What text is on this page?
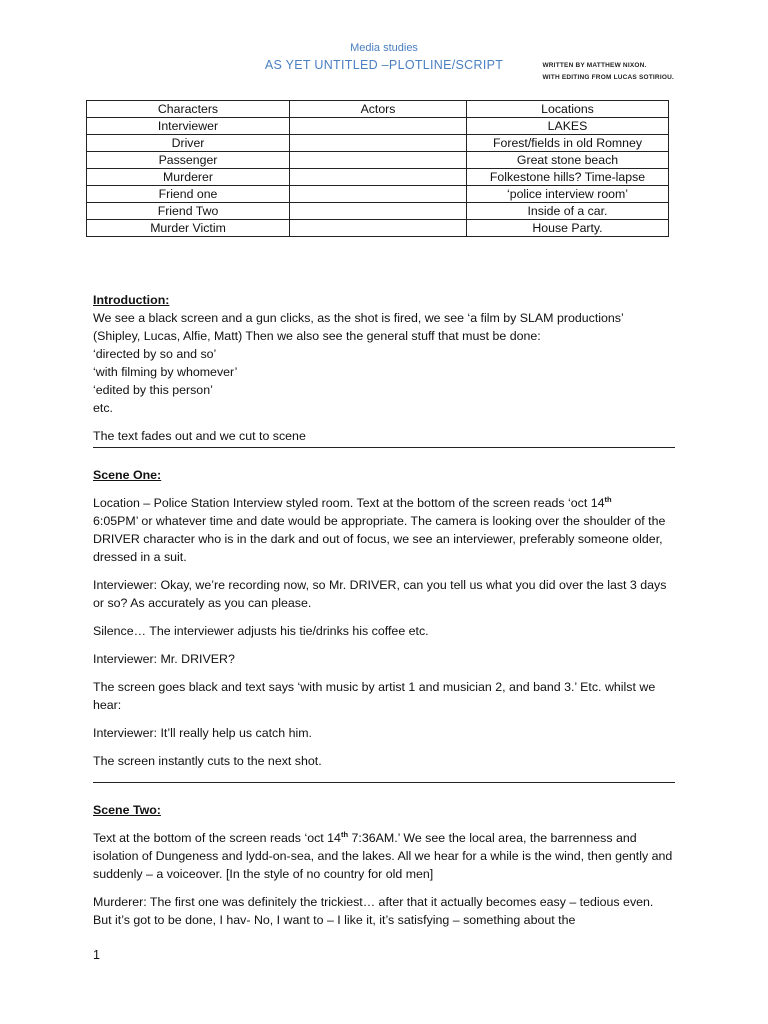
Media studies
AS YET UNTITLED –PLOTLINE/SCRIPT	WRITTEN BY MATTHEW NIXON.
WITH EDITING FROM LUCAS SOTIRIOU.
Characters	Actors	Locations
Interviewer		LAKES
Driver		Forest/fields in old Romney
Passenger		Great stone beach
Murderer		Folkestone hills? Time-lapse
Friend one		‘police interview room’
Friend Two		Inside of a car.
Murder Victim		House Party.
Introduction:

We see a black screen and a gun clicks, as the shot is fired, we see ‘a film by SLAM productions’

(Shipley, Lucas, Alfie, Matt) Then we also see the general stuff that must be done:

‘directed by so and so’

‘with filming by whomever’

‘edited by this person’

etc.

The text fades out and we cut to scene

Scene One:

Location – Police Station Interview styled room. Text at the bottom of the screen reads ‘oct 14th
6:05PM’ or whatever time and date would be appropriate. The camera is looking over the shoulder of the DRIVER character who is in the dark and out of focus, we see an interviewer, preferably someone older, dressed in a suit.

Interviewer: Okay, we’re recording now, so Mr. DRIVER, can you tell us what you did over the last 3 days or so? As accurately as you can please.

Silence… The interviewer adjusts his tie/drinks his coffee etc.

Interviewer: Mr. DRIVER?

The screen goes black and text says ‘with music by artist 1 and musician 2, and band 3.’ Etc. whilst we hear:

Interviewer: It’ll really help us catch him.

The screen instantly cuts to the next shot.

Scene Two:

Text at the bottom of the screen reads ‘oct 14th 7:36AM.’ We see the local area, the barrenness and isolation of Dungeness and lydd-on-sea, and the lakes. All we hear for a while is the wind, then gently and suddenly – a voiceover. [In the style of no country for old men]

Murderer: The first one was definitely the trickiest… after that it actually becomes easy – tedious even. But it’s got to be done, I hav- No, I want to – I like it, it’s satisfying – something about the

1
